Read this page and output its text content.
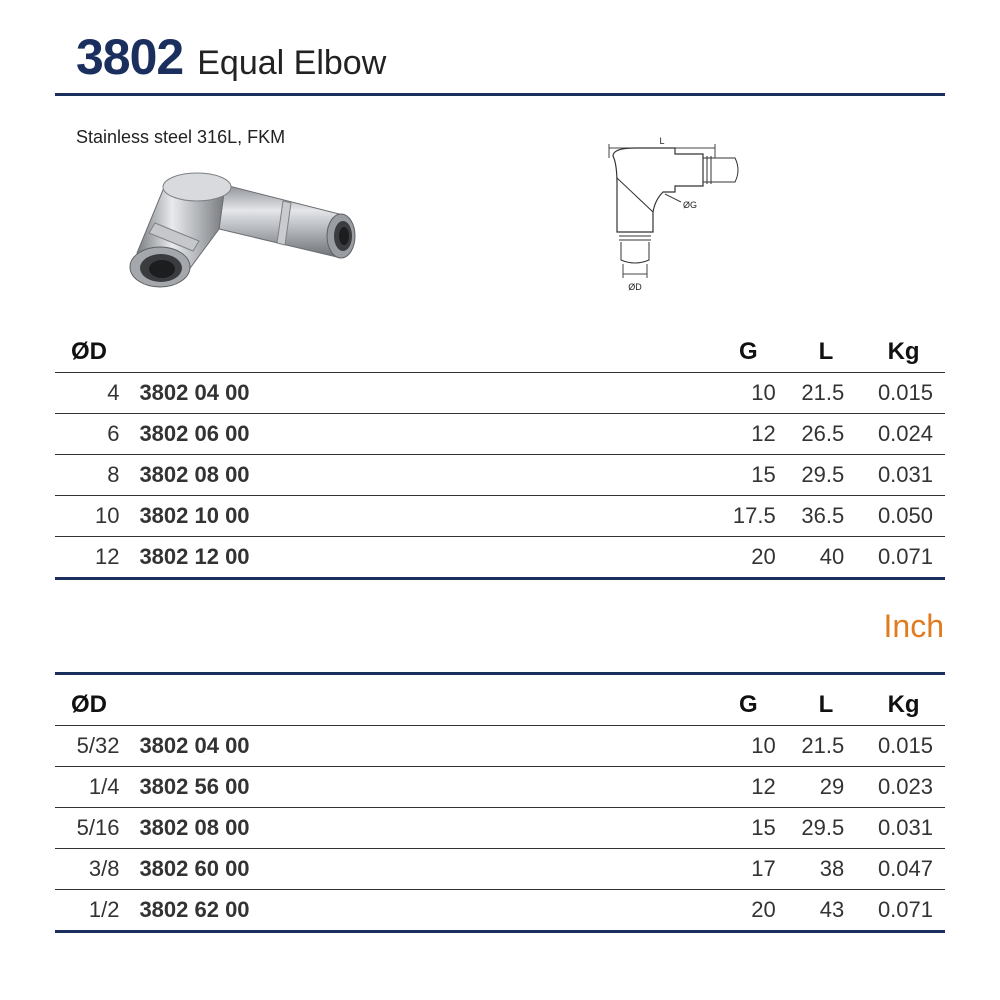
3802 Equal Elbow
Stainless steel 316L, FKM	L
ØG
ØD
ØD		G	L	Kg
4	3802 04 00	10	21.5	0.015
6	3802 06 00	12	26.5	0.024
8	3802 08 00	15	29.5	0.031
10	3802 10 00	17.5	36.5	0.050
12	3802 12 00	20	40	0.071
Inch
ØD		G	L	Kg
5/32	3802 04 00	10	21.5	0.015
1/4	3802 56 00	12	29	0.023
5/16	3802 08 00	15	29.5	0.031
3/8	3802 60 00	17	38	0.047
1/2	3802 62 00	20	43	0.071
